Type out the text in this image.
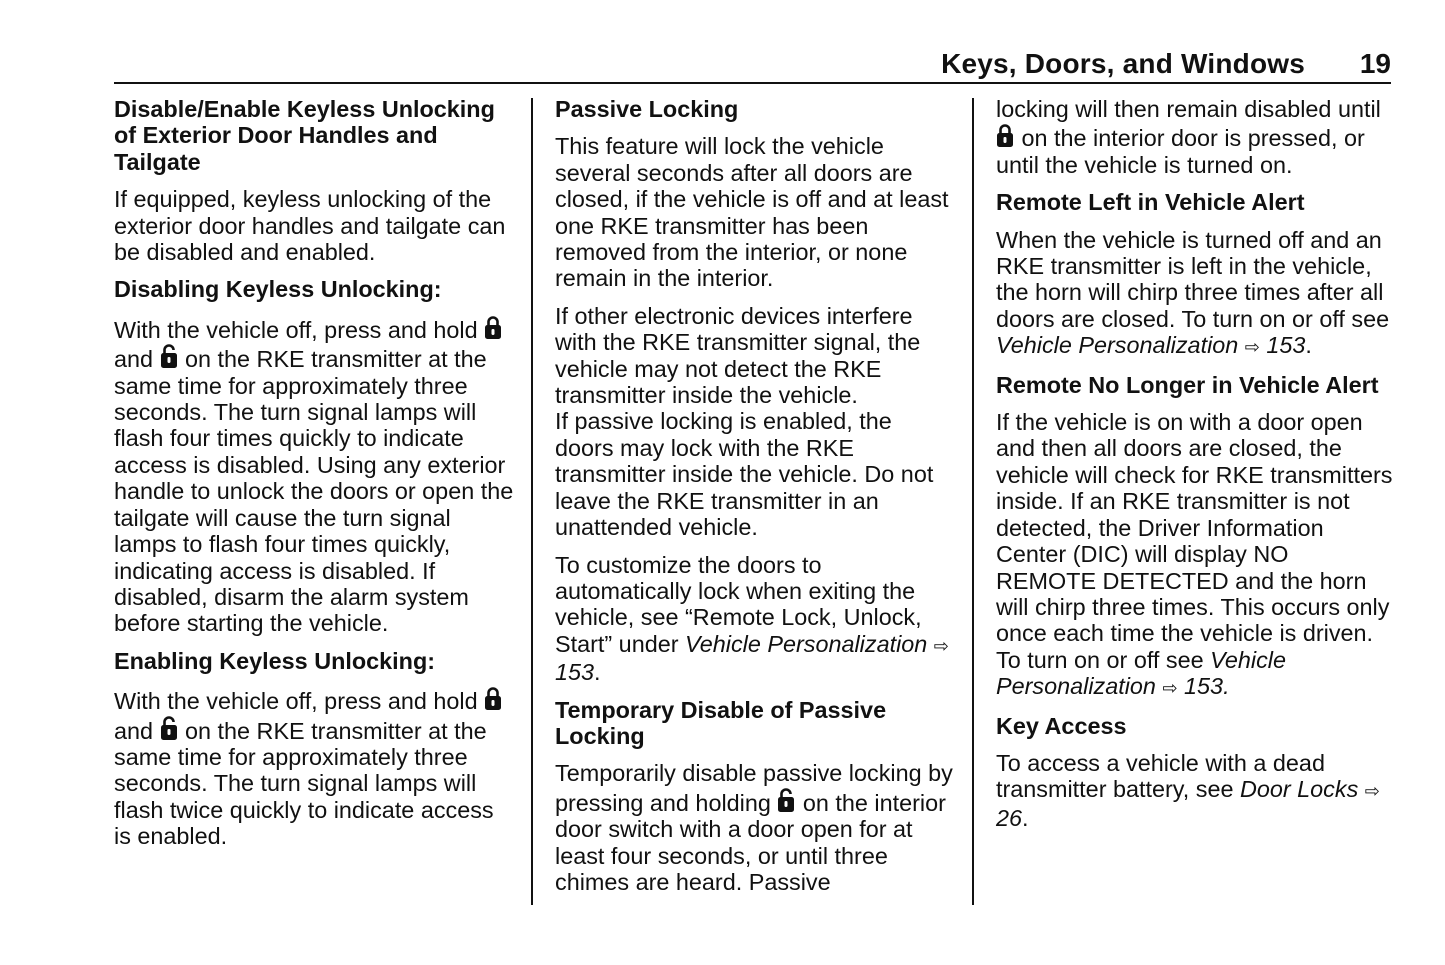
Keys, Doors, and Windows 19
Disable/Enable Keyless Unlocking of Exterior Door Handles and Tailgate

If equipped, keyless unlocking of the exterior door handles and tailgate can be disabled and enabled.

Disabling Keyless Unlocking:

With the vehicle off, press and hold  and on the RKE transmitter at the same time for approximately three seconds. The turn signal lamps will flash four times quickly to indicate access is disabled. Using any exterior handle to unlock the doors or open the tailgate will cause the turn signal lamps to flash four times quickly, indicating access is disabled. If disabled, disarm the alarm system before starting the vehicle.

Enabling Keyless Unlocking:

With the vehicle off, press and hold  and on the RKE transmitter at the same time for approximately three seconds. The turn signal lamps will flash twice quickly to indicate access is enabled.

Passive Locking

This feature will lock the vehicle several seconds after all doors are closed, if the vehicle is off and at least one RKE transmitter has been removed from the interior, or none remain in the interior.

If other electronic devices interfere with the RKE transmitter signal, the vehicle may not detect the RKE transmitter inside the vehicle.

If passive locking is enabled, the doors may lock with the RKE transmitter inside the vehicle. Do not leave the RKE transmitter in an unattended vehicle.

To customize the doors to automatically lock when exiting the vehicle, see “Remote Lock, Unlock, Start” under Vehicle Personalization ⇨ 153.

Temporary Disable of Passive Locking

Temporarily disable passive locking by pressing and holding on the interior door switch with a door open for at least four seconds, or until three chimes are heard. Passive

locking will then remain disabled until  on the interior door is pressed, or until the vehicle is turned on.

Remote Left in Vehicle Alert

When the vehicle is turned off and an RKE transmitter is left in the vehicle, the horn will chirp three times after all doors are closed. To turn on or off see Vehicle Personalization ⇨ 153.

Remote No Longer in Vehicle Alert

If the vehicle is on with a door open and then all doors are closed, the vehicle will check for RKE transmitters inside. If an RKE transmitter is not detected, the Driver Information Center (DIC) will display NO REMOTE DETECTED and the horn will chirp three times. This occurs only once each time the vehicle is driven. To turn on or off see Vehicle Personalization ⇨ 153.

Key Access

To access a vehicle with a dead transmitter battery, see Door Locks ⇨ 26.
